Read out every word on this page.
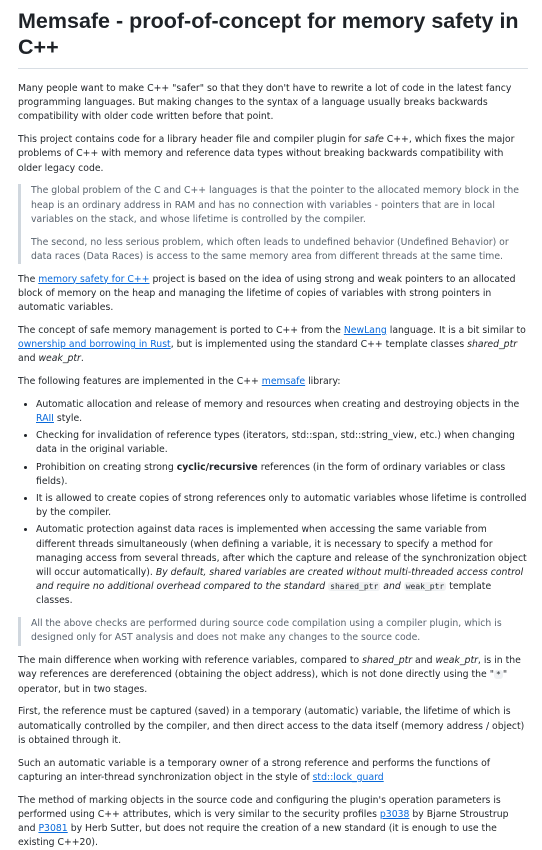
Memsafe - proof-of-concept for memory safety in C++

Many people want to make C++ "safer" so that they don't have to rewrite a lot of code in the latest fancy programming languages. But making changes to the syntax of a language usually breaks backwards compatibility with older code written before that point.

This project contains code for a library header file and compiler plugin for safe C++, which fixes the major problems of C++ with memory and reference data types without breaking backwards compatibility with older legacy code.

The global problem of the C and C++ languages is that the pointer to the allocated memory block in the heap is an ordinary address in RAM and has no connection with variables - pointers that are in local variables on the stack, and whose lifetime is controlled by the compiler.

The second, no less serious problem, which often leads to undefined behavior (Undefined Behavior) or data races (Data Races) is access to the same memory area from different threads at the same time.

The memory safety for C++ project is based on the idea of using strong and weak pointers to an allocated block of memory on the heap and managing the lifetime of copies of variables with strong pointers in automatic variables.

The concept of safe memory management is ported to C++ from the NewLang language. It is a bit similar to ownership and borrowing in Rust, but is implemented using the standard C++ template classes shared_ptr and weak_ptr.

The following features are implemented in the C++ memsafe library:

• Automatic allocation and release of memory and resources when creating and destroying objects in the RAII style.
• Checking for invalidation of reference types (iterators, std::span, std::string_view, etc.) when changing data in the original variable.
• Prohibition on creating strong cyclic/recursive references (in the form of ordinary variables or class fields).
• It is allowed to create copies of strong references only to automatic variables whose lifetime is controlled by the compiler.
• Automatic protection against data races is implemented when accessing the same variable from different threads simultaneously (when defining a variable, it is necessary to specify a method for managing access from several threads, after which the capture and release of the synchronization object will occur automatically). By default, shared variables are created without multi-threaded access control and require no additional overhead compared to the standard shared_ptr and weak_ptr template classes.

All the above checks are performed during source code compilation using a compiler plugin, which is designed only for AST analysis and does not make any changes to the source code.

The main difference when working with reference variables, compared to shared_ptr and weak_ptr, is in the way references are dereferenced (obtaining the object address), which is not done directly using the " * " operator, but in two stages.

First, the reference must be captured (saved) in a temporary (automatic) variable, the lifetime of which is automatically controlled by the compiler, and then direct access to the data itself (memory address / object) is obtained through it.

Such an automatic variable is a temporary owner of a strong reference and performs the functions of capturing an inter-thread synchronization object in the style of std::lock_guard

The method of marking objects in the source code and configuring the plugin's operation parameters is performed using C++ attributes, which is very similar to the security profiles p3038 by Bjarne Stroustrup and P3081 by Herb Sutter, but does not require the creation of a new standard (it is enough to use the existing C++20).
